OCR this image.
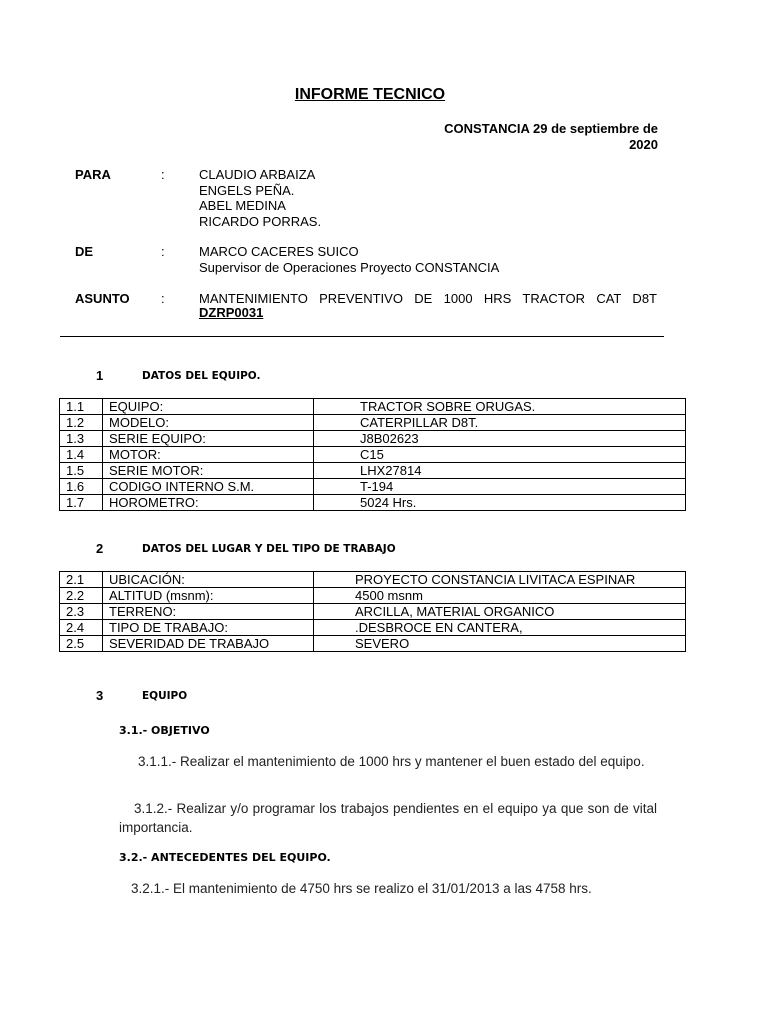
INFORME TECNICO
CONSTANCIA 29 de septiembre de
2020
PARA	:	CLAUDIO ARBAIZA
ENGELS PEÑA.
ABEL MEDINA
RICARDO PORRAS.
DE	:	MARCO CACERES SUICO
Supervisor de Operaciones Proyecto CONSTANCIA
ASUNTO :	MANTENIMIENTO PREVENTIVO DE 1000 HRS TRACTOR CAT D8T
DZRP0031
1	DATOS DEL EQUIPO.
1.1	EQUIPO:	TRACTOR SOBRE ORUGAS.
1.2	MODELO:	CATERPILLAR D8T.
1.3	SERIE EQUIPO:	J8B02623
1.4	MOTOR:	C15
1.5	SERIE MOTOR:	LHX27814
1.6	CODIGO INTERNO S.M.	T-194
1.7	HOROMETRO:	5024 Hrs.
2	DATOS DEL LUGAR Y DEL TIPO DE TRABAJO
2.1	UBICACIÓN:	PROYECTO CONSTANCIA LIVITACA ESPINAR
2.2	ALTITUD (msnm):	4500 msnm
2.3	TERRENO:	ARCILLA, MATERIAL ORGANICO
2.4	TIPO DE TRABAJO:	.DESBROCE EN CANTERA,
2.5	SEVERIDAD DE TRABAJO	SEVERO
3	EQUIPO
3.1.- OBJETIVO
3.1.1.- Realizar el mantenimiento de 1000 hrs y mantener el buen estado del equipo.
3.1.2.- Realizar y/o programar los trabajos pendientes en el equipo ya que son de vital importancia.
3.2.- ANTECEDENTES DEL EQUIPO.
3.2.1.- El mantenimiento de 4750 hrs se realizo el 31/01/2013 a las 4758 hrs.
